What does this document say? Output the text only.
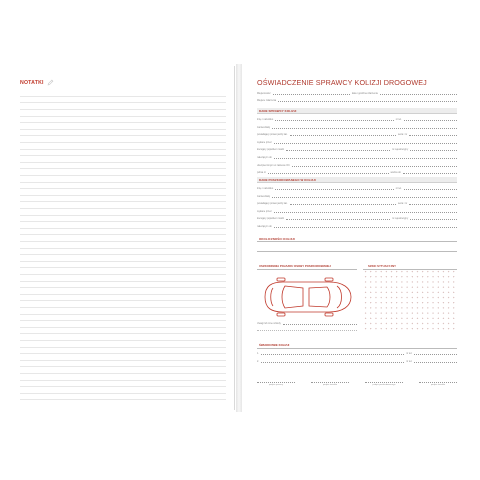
NOTATKI	OŚWIADCZENIE SPRAWCY KOLIZJI DROGOWEJ
Miejscowość	data i godzina zdarzenia
Miejsce zdarzenia
DANE SPRAWCY KOLIZJI
Imię i nazwisko	nr tel.
zamieszkały
posiadający prawo jazdy kat.	seria i nr
wydane przez
kierujący pojazdem marki	nr rejestracyjny
należącym do
ubezpieczonym w zakresie OC
polisa nr	ważna do
DANE POSZKODOWANEGO W KOLIZJI
Imię i nazwisko	nr tel.
zamieszkały
posiadający prawo jazdy kat.	seria i nr
wydane przez
kierujący pojazdem marki	nr rejestracyjny
należącym do
OKOLICZNOŚCI KOLIZJI
USZKODZENIA POJAZDU OSOBY POSZKODOWANEJ	SZKIC SYTUACYJNY
Uwagi lub inne szkody
ŚWIADKOWIE KOLIZJI
1.	nr tel.
2.	nr tel.
podpis sprawcy	podpis świadka	podpis poszkodowanego	podpis świadka
